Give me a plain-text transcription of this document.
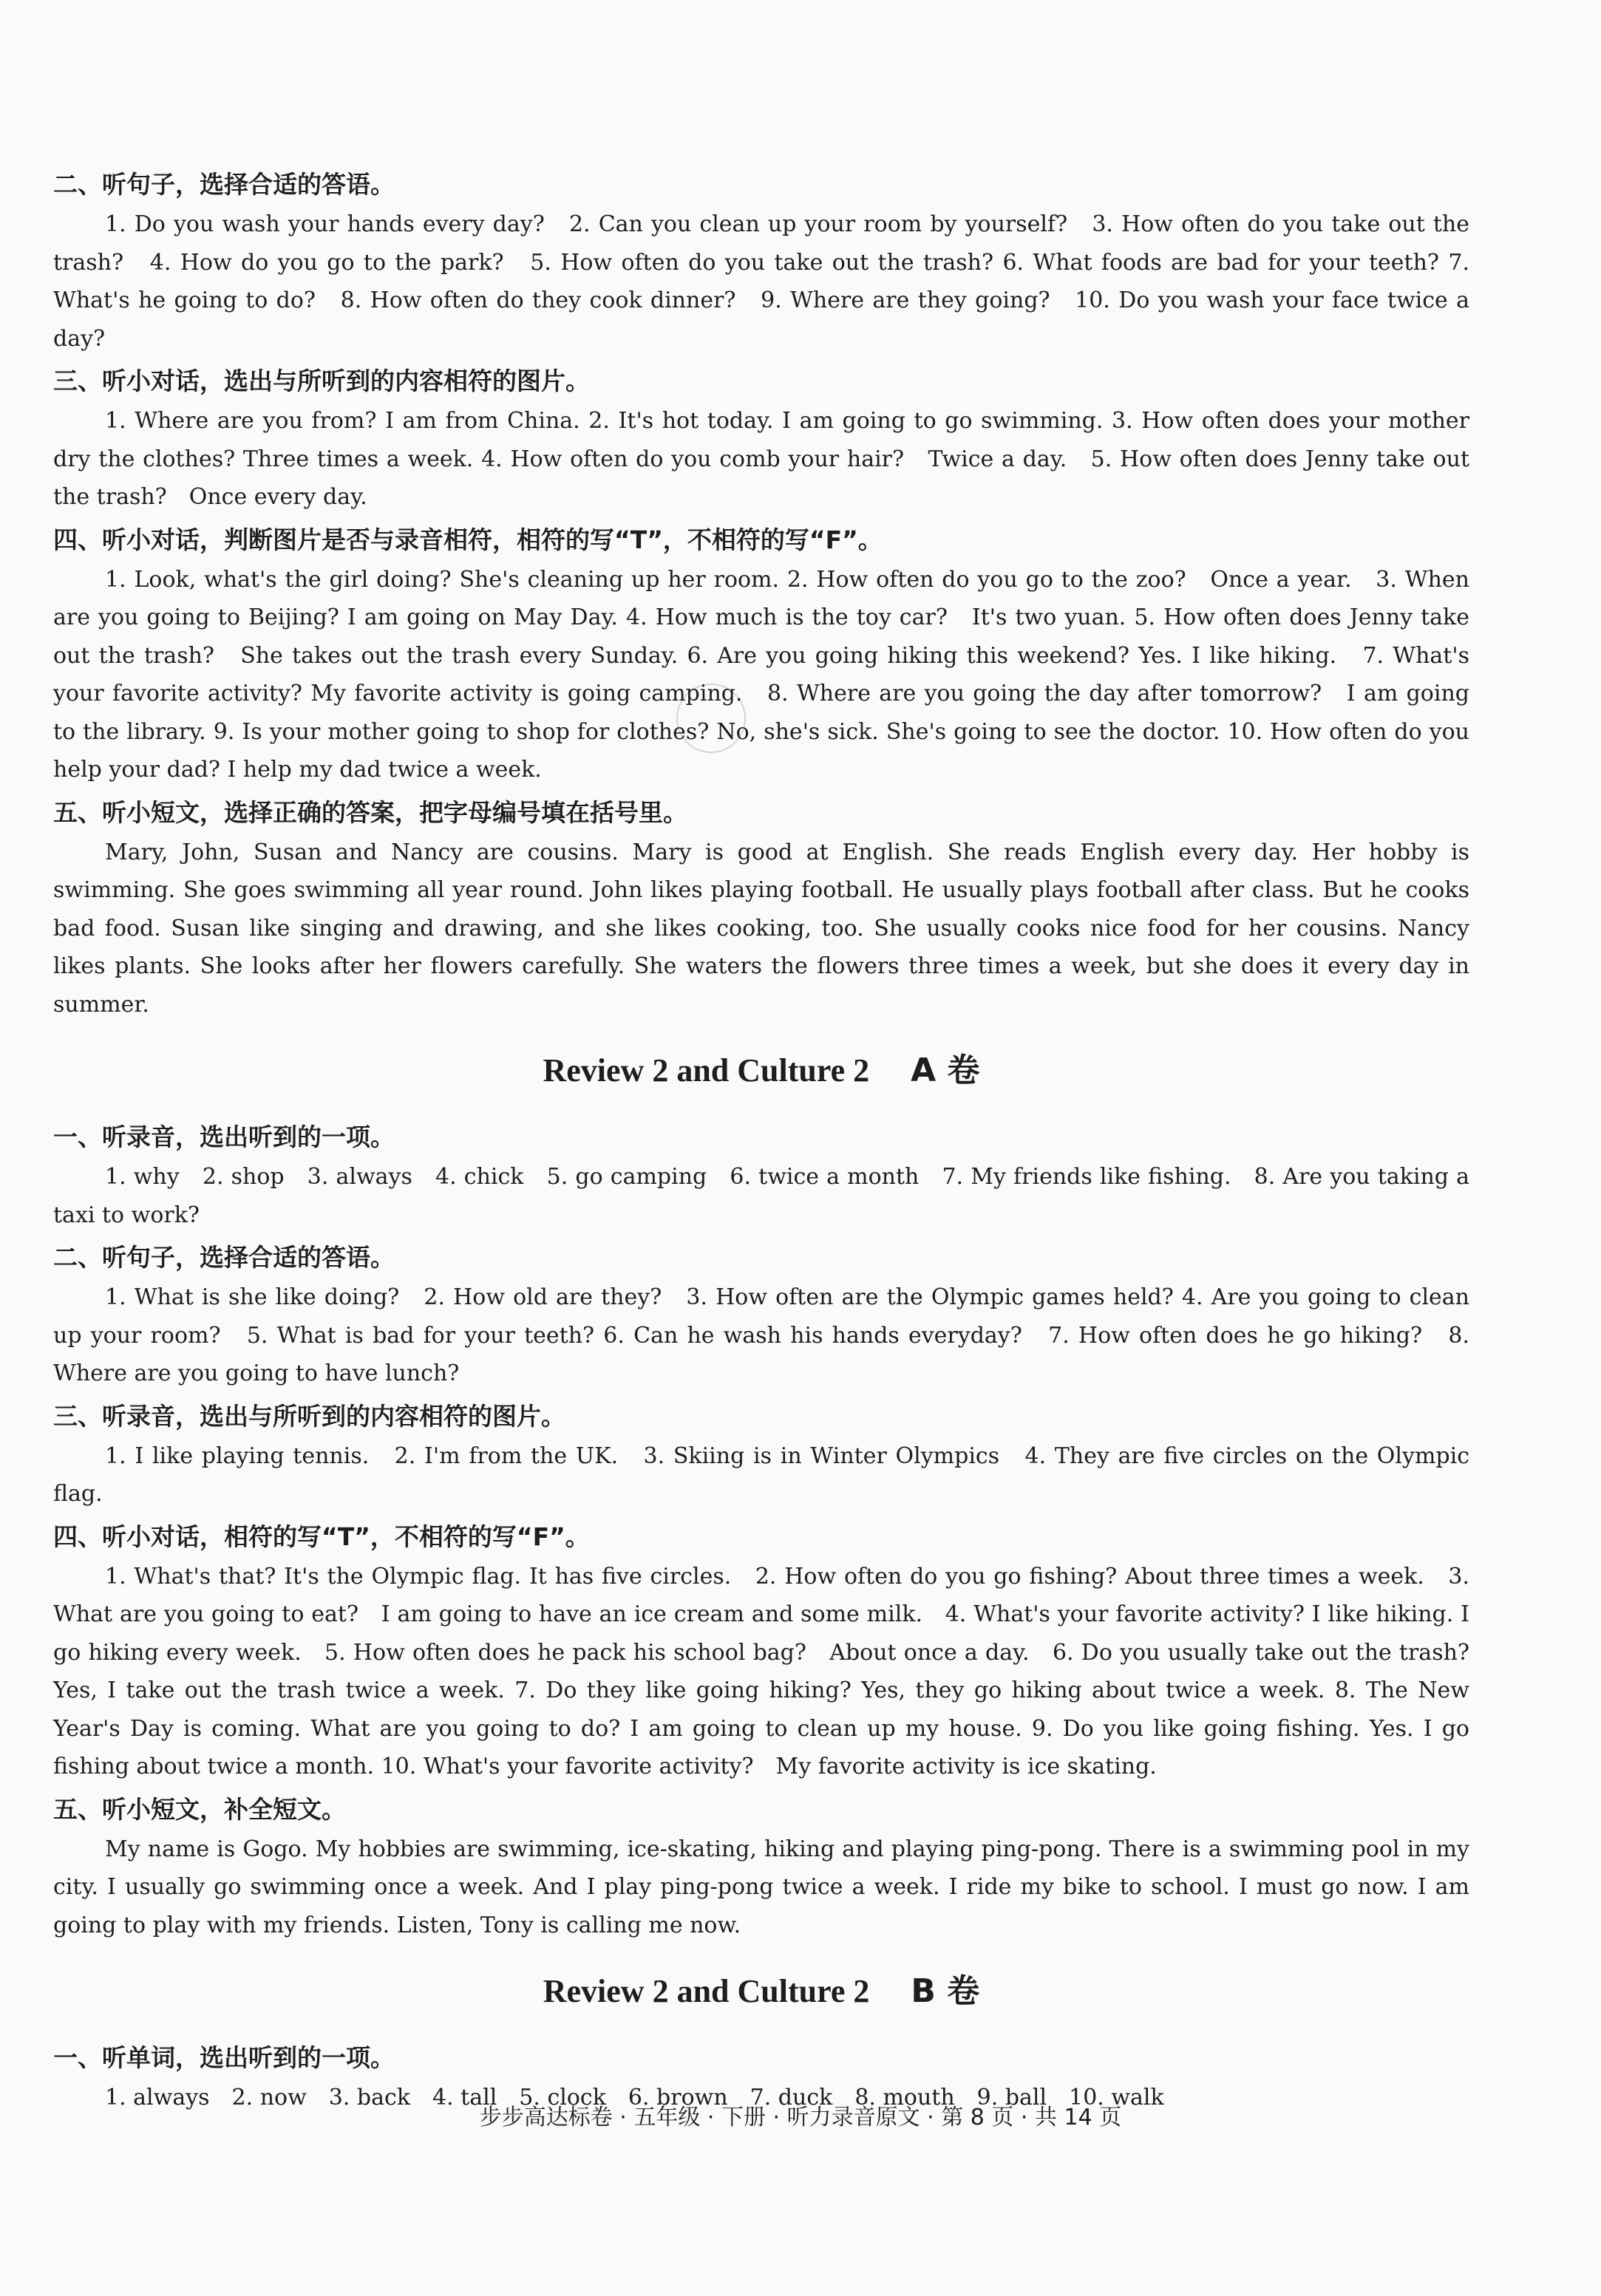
二、听句子，选择合适的答语。

1. Do you wash your hands every day?　2. Can you clean up your room by yourself?　3. How often do you take out the trash?　4. How do you go to the park?　5. How often do you take out the trash? 6. What foods are bad for your teeth? 7. What's he going to do?　8. How often do they cook dinner?　9. Where are they going?　10. Do you wash your face twice a day?

三、听小对话，选出与所听到的内容相符的图片。

1. Where are you from? I am from China. 2. It's hot today. I am going to go swimming. 3. How often does your mother dry the clothes? Three times a week. 4. How often do you comb your hair?　Twice a day.　5. How often does Jenny take out the trash?　Once every day.

四、听小对话，判断图片是否与录音相符，相符的写“T”，不相符的写“F”。

1. Look, what's the girl doing? She's cleaning up her room. 2. How often do you go to the zoo?　Once a year.　3. When are you going to Beijing? I am going on May Day. 4. How much is the toy car?　It's two yuan. 5. How often does Jenny take out the trash?　She takes out the trash every Sunday. 6. Are you going hiking this weekend? Yes. I like hiking.　7. What's your favorite activity? My favorite activity is going camping.　8. Where are you going the day after tomorrow?　I am going to the library. 9. Is your mother going to shop for clothes? No, she's sick. She's going to see the doctor. 10. How often do you help your dad? I help my dad twice a week.

五、听小短文，选择正确的答案，把字母编号填在括号里。

Mary, John, Susan and Nancy are cousins. Mary is good at English. She reads English every day. Her hobby is swimming. She goes swimming all year round. John likes playing football. He usually plays football after class. But he cooks bad food. Susan like singing and drawing, and she likes cooking, too. She usually cooks nice food for her cousins. Nancy likes plants. She looks after her flowers carefully. She waters the flowers three times a week, but she does it every day in summer.

Review 2 and Culture 2 A 卷

一、听录音，选出听到的一项。

1. why　2. shop　3. always　4. chick　5. go camping　6. twice a month　7. My friends like fishing.　8. Are you taking a taxi to work?

二、听句子，选择合适的答语。

1. What is she like doing?　2. How old are they?　3. How often are the Olympic games held? 4. Are you going to clean up your room?　5. What is bad for your teeth? 6. Can he wash his hands everyday?　7. How often does he go hiking?　8. Where are you going to have lunch?

三、听录音，选出与所听到的内容相符的图片。

1. I like playing tennis.　2. I'm from the UK.　3. Skiing is in Winter Olympics　4. They are five circles on the Olympic flag.

四、听小对话，相符的写“T”，不相符的写“F”。

1. What's that? It's the Olympic flag. It has five circles.　2. How often do you go fishing? About three times a week.　3. What are you going to eat?　I am going to have an ice cream and some milk.　4. What's your favorite activity? I like hiking. I go hiking every week.　5. How often does he pack his school bag?　About once a day.　6. Do you usually take out the trash?　Yes, I take out the trash twice a week. 7. Do they like going hiking? Yes, they go hiking about twice a week. 8. The New Year's Day is coming. What are you going to do? I am going to clean up my house. 9. Do you like going fishing. Yes. I go fishing about twice a month. 10. What's your favorite activity?　My favorite activity is ice skating.

五、听小短文，补全短文。

My name is Gogo. My hobbies are swimming, ice-skating, hiking and playing ping-pong. There is a swimming pool in my city. I usually go swimming once a week. And I play ping-pong twice a week. I ride my bike to school. I must go now. I am going to play with my friends. Listen, Tony is calling me now.

Review 2 and Culture 2 B 卷

一、听单词，选出听到的一项。

1. always　2. now　3. back　4. tall　5. clock　6. brown　7. duck　8. mouth　9. ball　10. walk

步步高达标卷 · 五年级 · 下册 · 听力录音原文 · 第 8 页 · 共 14 页
